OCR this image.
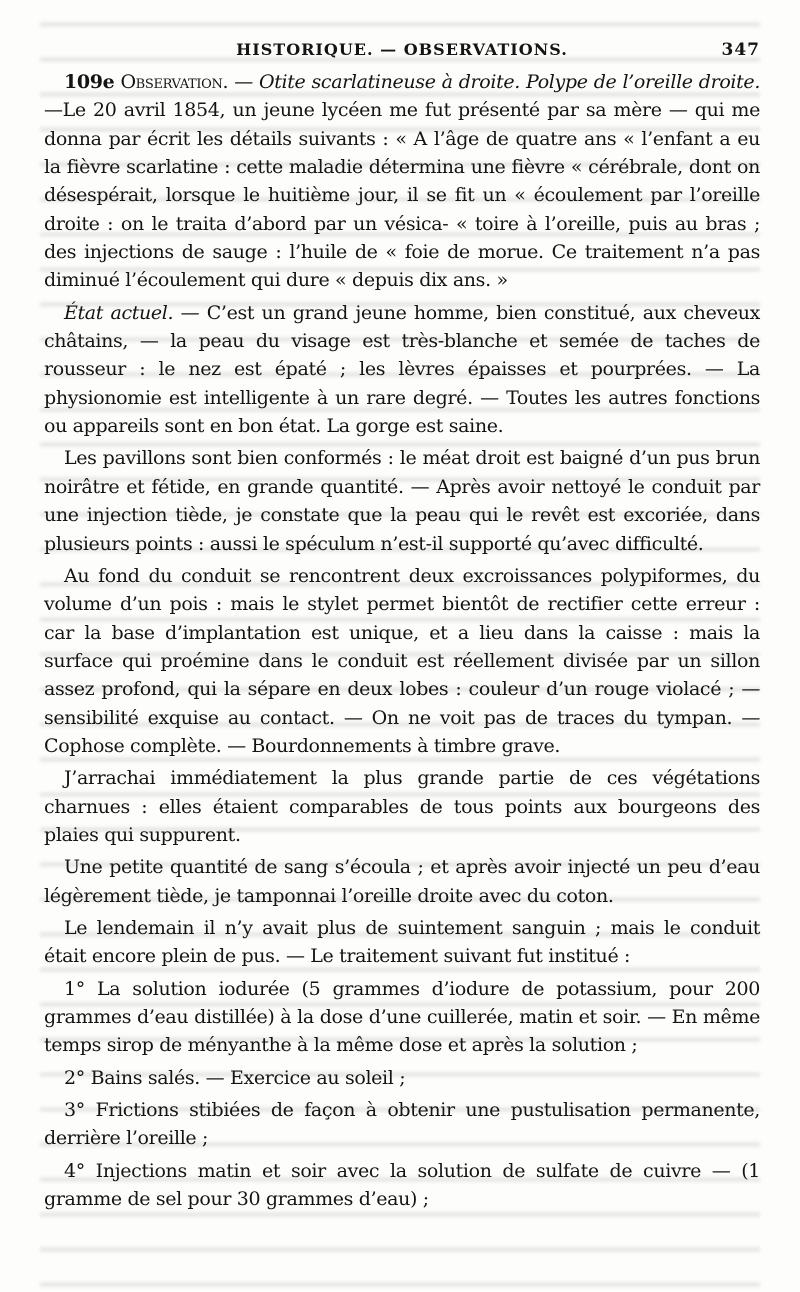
HISTORIQUE. — OBSERVATIONS.	347

109e Observation. — Otite scarlatineuse à droite. Polype de l’oreille droite.—Le 20 avril 1854, un jeune lycéen me fut présenté par sa mère — qui me donna par écrit les détails suivants : « A l’âge de quatre ans « l’enfant a eu la fièvre scarlatine : cette maladie détermina une fièvre « cérébrale, dont on désespérait, lorsque le huitième jour, il se fit un « écoulement par l’oreille droite : on le traita d’abord par un vésica- « toire à l’oreille, puis au bras ; des injections de sauge : l’huile de « foie de morue. Ce traitement n’a pas diminué l’écoulement qui dure « depuis dix ans. »

État actuel. — C’est un grand jeune homme, bien constitué, aux cheveux châtains, — la peau du visage est très-blanche et semée de taches de rousseur : le nez est épaté ; les lèvres épaisses et pourprées. — La physionomie est intelligente à un rare degré. — Toutes les autres fonctions ou appareils sont en bon état. La gorge est saine.

Les pavillons sont bien conformés : le méat droit est baigné d’un pus brun noirâtre et fétide, en grande quantité. — Après avoir nettoyé le conduit par une injection tiède, je constate que la peau qui le revêt est excoriée, dans plusieurs points : aussi le spéculum n’est-il supporté qu’avec difficulté.

Au fond du conduit se rencontrent deux excroissances polypiformes, du volume d’un pois : mais le stylet permet bientôt de rectifier cette erreur : car la base d’implantation est unique, et a lieu dans la caisse : mais la surface qui proémine dans le conduit est réellement divisée par un sillon assez profond, qui la sépare en deux lobes : couleur d’un rouge violacé ; — sensibilité exquise au contact. — On ne voit pas de traces du tympan. — Cophose complète. — Bourdonnements à timbre grave.

J’arrachai immédiatement la plus grande partie de ces végétations charnues : elles étaient comparables de tous points aux bourgeons des plaies qui suppurent.

Une petite quantité de sang s’écoula ; et après avoir injecté un peu d’eau légèrement tiède, je tamponnai l’oreille droite avec du coton.

Le lendemain il n’y avait plus de suintement sanguin ; mais le conduit était encore plein de pus. — Le traitement suivant fut institué :

1° La solution iodurée (5 grammes d’iodure de potassium, pour 200 grammes d’eau distillée) à la dose d’une cuillerée, matin et soir. — En même temps sirop de ményanthe à la même dose et après la solution ;

2° Bains salés. — Exercice au soleil ;

3° Frictions stibiées de façon à obtenir une pustulisation permanente, derrière l’oreille ;

4° Injections matin et soir avec la solution de sulfate de cuivre — (1 gramme de sel pour 30 grammes d’eau) ;
